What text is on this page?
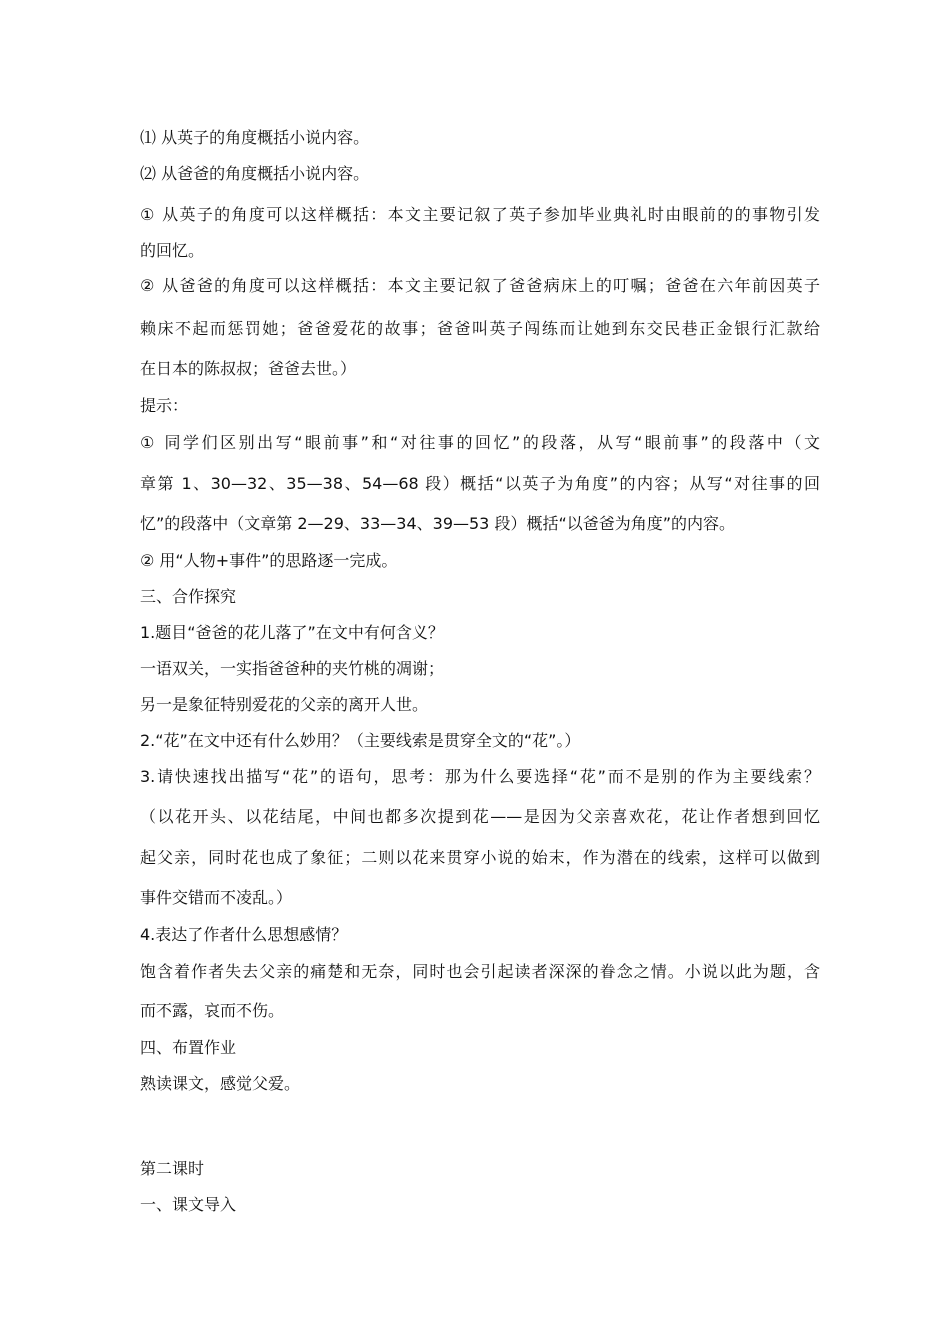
⑴ 从英子的角度概括小说内容。
⑵ 从爸爸的角度概括小说内容。
① 从英子的角度可以这样概括：本文主要记叙了英子参加毕业典礼时由眼前的的事物引发
的回忆。
② 从爸爸的角度可以这样概括：本文主要记叙了爸爸病床上的叮嘱；爸爸在六年前因英子
赖床不起而惩罚她；爸爸爱花的故事；爸爸叫英子闯练而让她到东交民巷正金银行汇款给
在日本的陈叔叔；爸爸去世。）
提示：
① 同学们区别出写“眼前事”和“对往事的回忆”的段落，从写“眼前事”的段落中（文
章第 1、30—32、35—38、54—68 段）概括“以英子为角度”的内容；从写“对往事的回
忆”的段落中（文章第 2—29、33—34、39—53 段）概括“以爸爸为角度”的内容。
② 用“人物+事件”的思路逐一完成。
三、合作探究
1.题目“爸爸的花儿落了”在文中有何含义？
一语双关，一实指爸爸种的夹竹桃的凋谢；
另一是象征特别爱花的父亲的离开人世。
2.“花”在文中还有什么妙用？（主要线索是贯穿全文的“花”。）
3.请快速找出描写“花”的语句，思考：那为什么要选择“花”而不是别的作为主要线索？
（以花开头、以花结尾，中间也都多次提到花——是因为父亲喜欢花，花让作者想到回忆
起父亲，同时花也成了象征；二则以花来贯穿小说的始末，作为潜在的线索，这样可以做到
事件交错而不凌乱。）
4.表达了作者什么思想感情？
饱含着作者失去父亲的痛楚和无奈，同时也会引起读者深深的眷念之情。小说以此为题，含
而不露，哀而不伤。
四、布置作业
熟读课文，感觉父爱。
第二课时
一、课文导入
